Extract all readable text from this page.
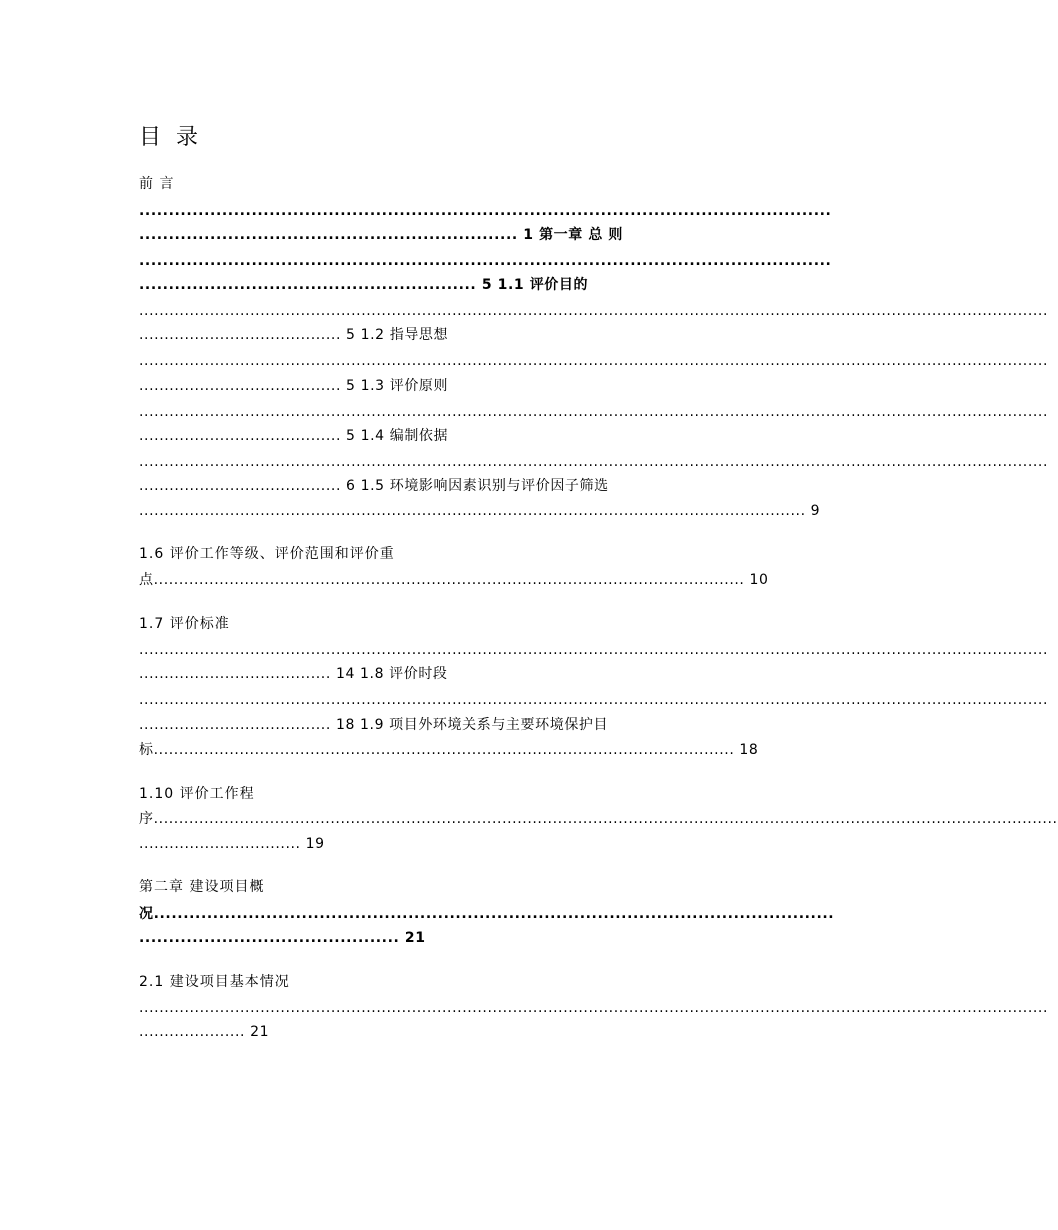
目 录
前 言
.....................................................................................................................
................................................................ 1 第一章 总 则
.....................................................................................................................
......................................................... 5 1.1 评价目的
....................................................................................................................................................................................
........................................ 5 1.2 指导思想
....................................................................................................................................................................................
........................................ 5 1.3 评价原则
....................................................................................................................................................................................
........................................ 5 1.4 编制依据
....................................................................................................................................................................................
........................................ 6 1.5 环境影响因素识别与评价因子筛选
.................................................................................................................................... 9
1.6 评价工作等级、评价范围和评价重
点..................................................................................................................... 10
1.7 评价标准
....................................................................................................................................................................................
...................................... 14 1.8 评价时段
....................................................................................................................................................................................
...................................... 18 1.9 项目外环境关系与主要环境保护目
标................................................................................................................... 18
1.10 评价工作程
序...................................................................................................................................................................................
................................ 19
第二章 建设项目概
况...................................................................................................................
............................................ 21
2.1 建设项目基本情况
....................................................................................................................................................................................
..................... 21
